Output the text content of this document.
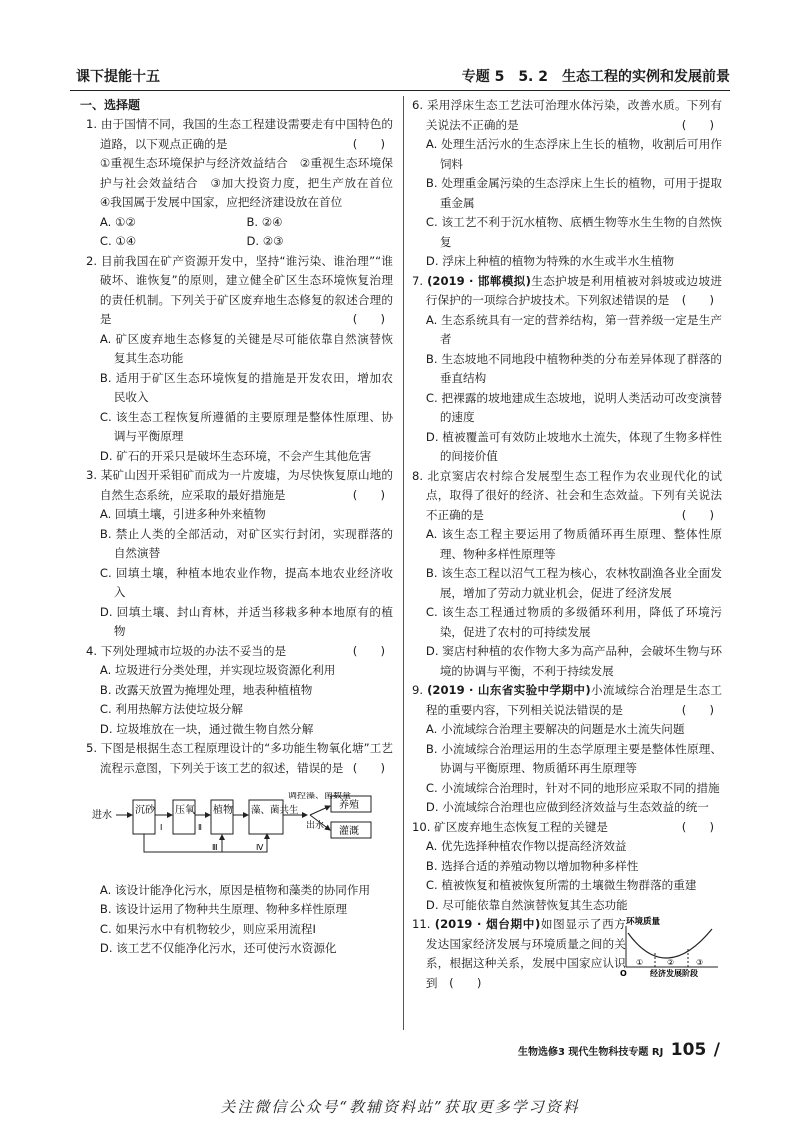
课下提能十五	专题 5　5. 2　生态工程的实例和发展前景
一、选择题
1. 由于国情不同，我国的生态工程建设需要走有中国特色的道路，以下观点正确的是	(　　)
①重视生态环境保护与经济效益结合　②重视生态环境保护与社会效益结合　③加大投资力度，把生产放在首位　④我国属于发展中国家，应把经济建设放在首位
A. ①②	B. ②④
C. ①④	D. ②③
2. 目前我国在矿产资源开发中，坚持“谁污染、谁治理”“谁破坏、谁恢复”的原则，建立健全矿区生态环境恢复治理的责任机制。下列关于矿区废弃地生态修复的叙述合理的是	(　　)
A. 矿区废弃地生态修复的关键是尽可能依靠自然演替恢复其生态功能
B. 适用于矿区生态环境恢复的措施是开发农田，增加农民收入
C. 该生态工程恢复所遵循的主要原理是整体性原理、协调与平衡原理
D. 矿石的开采只是破坏生态环境，不会产生其他危害
3. 某矿山因开采钼矿而成为一片废墟，为尽快恢复原山地的自然生态系统，应采取的最好措施是	(　　)
A. 回填土壤，引进多种外来植物
B. 禁止人类的全部活动，对矿区实行封闭，实现群落的自然演替
C. 回填土壤，种植本地农业作物，提高本地农业经济收入
D. 回填土壤、封山育林，并适当移栽多种本地原有的植物
4. 下列处理城市垃圾的办法不妥当的是	(　　)
A. 垃圾进行分类处理，并实现垃圾资源化利用
B. 改露天放置为掩埋处理，地表种植植物
C. 利用热解方法使垃圾分解
D. 垃圾堆放在一块，通过微生物自然分解
5. 下图是根据生态工程原理设计的“多功能生物氧化塘”工艺流程示意图，下列关于该工艺的叙述，错误的是 (　　)
进水 沉砂
Ⅰ
压氧
Ⅱ
植物 藻、菌共生
调控藻、菌数量
出水
养殖
灌溉
Ⅲ	Ⅳ
A. 该设计能净化污水，原因是植物和藻类的协同作用
B. 该设计运用了物种共生原理、物种多样性原理
C. 如果污水中有机物较少，则应采用流程Ⅰ
D. 该工艺不仅能净化污水，还可使污水资源化
6. 采用浮床生态工艺法可治理水体污染，改善水质。下列有关说法不正确的是	(　　)
A. 处理生活污水的生态浮床上生长的植物，收割后可用作饲料
B. 处理重金属污染的生态浮床上生长的植物，可用于提取重金属
C. 该工艺不利于沉水植物、底栖生物等水生生物的自然恢复
D. 浮床上种植的植物为特殊的水生或半水生植物
7. (2019 · 邯郸模拟)生态护坡是利用植被对斜坡或边坡进行保护的一项综合护坡技术。下列叙述错误的是 (　　)
A. 生态系统具有一定的营养结构，第一营养级一定是生产者
B. 生态坡地不同地段中植物种类的分布差异体现了群落的垂直结构
C. 把裸露的坡地建成生态坡地，说明人类活动可改变演替的速度
D. 植被覆盖可有效防止坡地水土流失，体现了生物多样性的间接价值
8. 北京窦店农村综合发展型生态工程作为农业现代化的试点，取得了很好的经济、社会和生态效益。下列有关说法不正确的是	(　　)
A. 该生态工程主要运用了物质循环再生原理、整体性原理、物种多样性原理等
B. 该生态工程以沼气工程为核心，农林牧副渔各业全面发展，增加了劳动力就业机会，促进了经济发展
C. 该生态工程通过物质的多级循环利用，降低了环境污染，促进了农村的可持续发展
D. 窦店村种植的农作物大多为高产品种，会破坏生物与环境的协调与平衡，不利于持续发展
9. (2019 · 山东省实验中学期中)小流域综合治理是生态工程的重要内容，下列相关说法错误的是	(　　)
A. 小流域综合治理主要解决的问题是水土流失问题
B. 小流域综合治理运用的生态学原理主要是整体性原理、协调与平衡原理、物质循环再生原理等
C. 小流域综合治理时，针对不同的地形应采取不同的措施
D. 小流域综合治理也应做到经济效益与生态效益的统一
10. 矿区废弃地生态恢复工程的关键是	(　　)
A. 优先选择种植农作物以提高经济效益
B. 选择合适的养殖动物以增加物种多样性
C. 植被恢复和植被恢复所需的土壤微生物群落的重建
D. 尽可能依靠自然演替恢复其生态功能
11. (2019 · 烟台期中)如图显示了西方发达国家经济发展与环境质量之间的关系，根据这种关系，发展中国家应认识到　 (　　)
环境质量
①	②	③
O	经济发展阶段
生物选修3 现代生物科技专题 RJ 105 /
关注微信公众号“教辅资料站”获取更多学习资料
